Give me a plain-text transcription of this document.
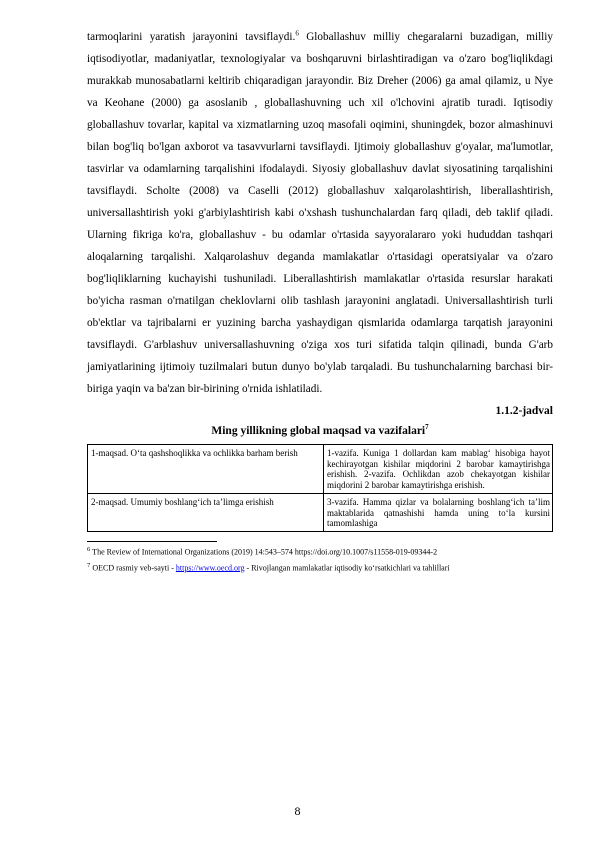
tarmoqlarini yaratish jarayonini tavsiflaydi.$^6$ Globallashuv milliy chegaralarni buzadigan, milliy iqtisodiyotlar, madaniyatlar, texnologiyalar va boshqaruvni birlashtiradigan va o'zaro bog'liqlikdagi murakkab munosabatlarni keltirib chiqaradigan jarayondir. Biz Dreher (2006) ga amal qilamiz, u Nye va Keohane (2000) ga asoslanib , globallashuvning uch xil o'lchovini ajratib turadi. Iqtisodiy globallashuv tovarlar, kapital va xizmatlarning uzoq masofali oqimini, shuningdek, bozor almashinuvi bilan bog'liq bo'lgan axborot va tasavvurlarni tavsiflaydi. Ijtimoiy globallashuv g'oyalar, ma'lumotlar, tasvirlar va odamlarning tarqalishini ifodalaydi. Siyosiy globallashuv davlat siyosatining tarqalishini tavsiflaydi. Scholte (2008) va Caselli (2012) globallashuv xalqarolashtirish, liberallashtirish, universallashtirish yoki g'arbiylashtirish kabi o'xshash tushunchalardan farq qiladi, deb taklif qiladi. Ularning fikriga ko'ra, globallashuv - bu odamlar o'rtasida sayyoralararo yoki hududdan tashqari aloqalarning tarqalishi. Xalqarolashuv deganda mamlakatlar o'rtasidagi operatsiyalar va o'zaro bog'liqliklarning kuchayishi tushuniladi. Liberallashtirish mamlakatlar o'rtasida resurslar harakati bo'yicha rasman o'rnatilgan cheklovlarni olib tashlash jarayonini anglatadi. Universallashtirish turli ob'ektlar va tajribalarni er yuzining barcha yashaydigan qismlarida odamlarga tarqatish jarayonini tavsiflaydi. G'arblashuv universallashuvning o'ziga xos turi sifatida talqin qilinadi, bunda G'arb jamiyatlarining ijtimoiy tuzilmalari butun dunyo bo'ylab tarqaladi. Bu tushunchalarning barchasi bir-biriga yaqin va ba'zan bir-birining o'rnida ishlatiladi.

1.1.2-jadval
Ming yillikning global maqsad va vazifalari$^7$
1-maqsad. O‘ta qashshoqlikka va ochlikka barham berish	1-vazifa. Kuniga 1 dollardan kam mablag‘ hisobiga hayot kechirayotgan kishilar miqdorini 2 barobar kamaytirishga erishish. 2-vazifa. Ochlikdan azob chekayotgan kishilar miqdorini 2 barobar kamaytirishga erishish.

2-maqsad. Umumiy boshlang‘ich ta’limga erishish	3-vazifa. Hamma qizlar va bolalarning boshlang‘ich ta’lim maktablarida qatnashishi hamda uning to‘la kursini tamomlashiga

$^6$ The Review of International Organizations (2019) 14:543–574 https://doi.org/10.1007/s11558-019-09344-2

$^7$ OECD rasmiy veb-sayti - https://www.oecd.org - Rivojlangan mamlakatlar iqtisodiy ko‘rsatkichlari va tahlillari

8
